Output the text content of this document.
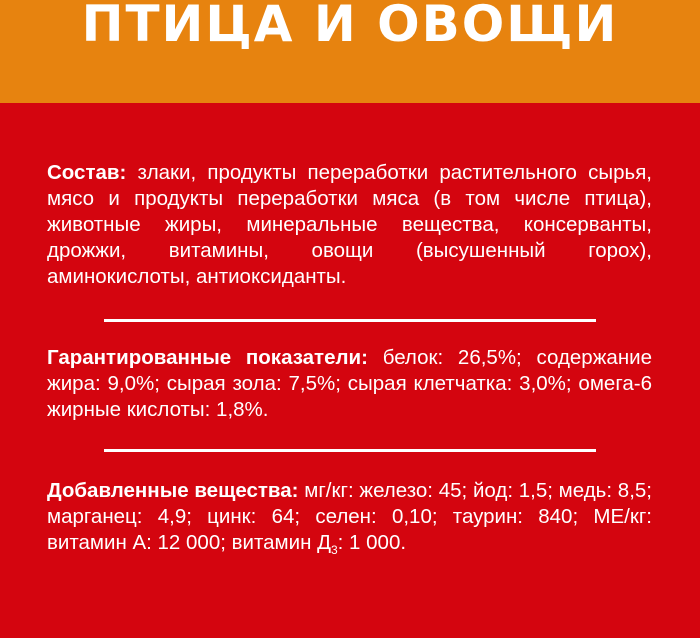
ПТИЦА И ОВОЩИ
Состав: злаки, продукты переработки растительного сырья, мясо и продукты переработки мяса (в том числе птица), животные жиры, минеральные вещества, консерванты, дрожжи, витамины, овощи (высушенный горох), аминокислоты, антиоксиданты.
Гарантированные показатели: белок: 26,5%; содержание жира: 9,0%; сырая зола: 7,5%; сырая клетчатка: 3,0%; омега-6 жирные кислоты: 1,8%.
Добавленные вещества: мг/кг: железо: 45; йод: 1,5; медь: 8,5; марганец: 4,9; цинк: 64; селен: 0,10; таурин: 840; МЕ/кг: витамин А: 12 000; витамин $Д_3$: 1 000.
